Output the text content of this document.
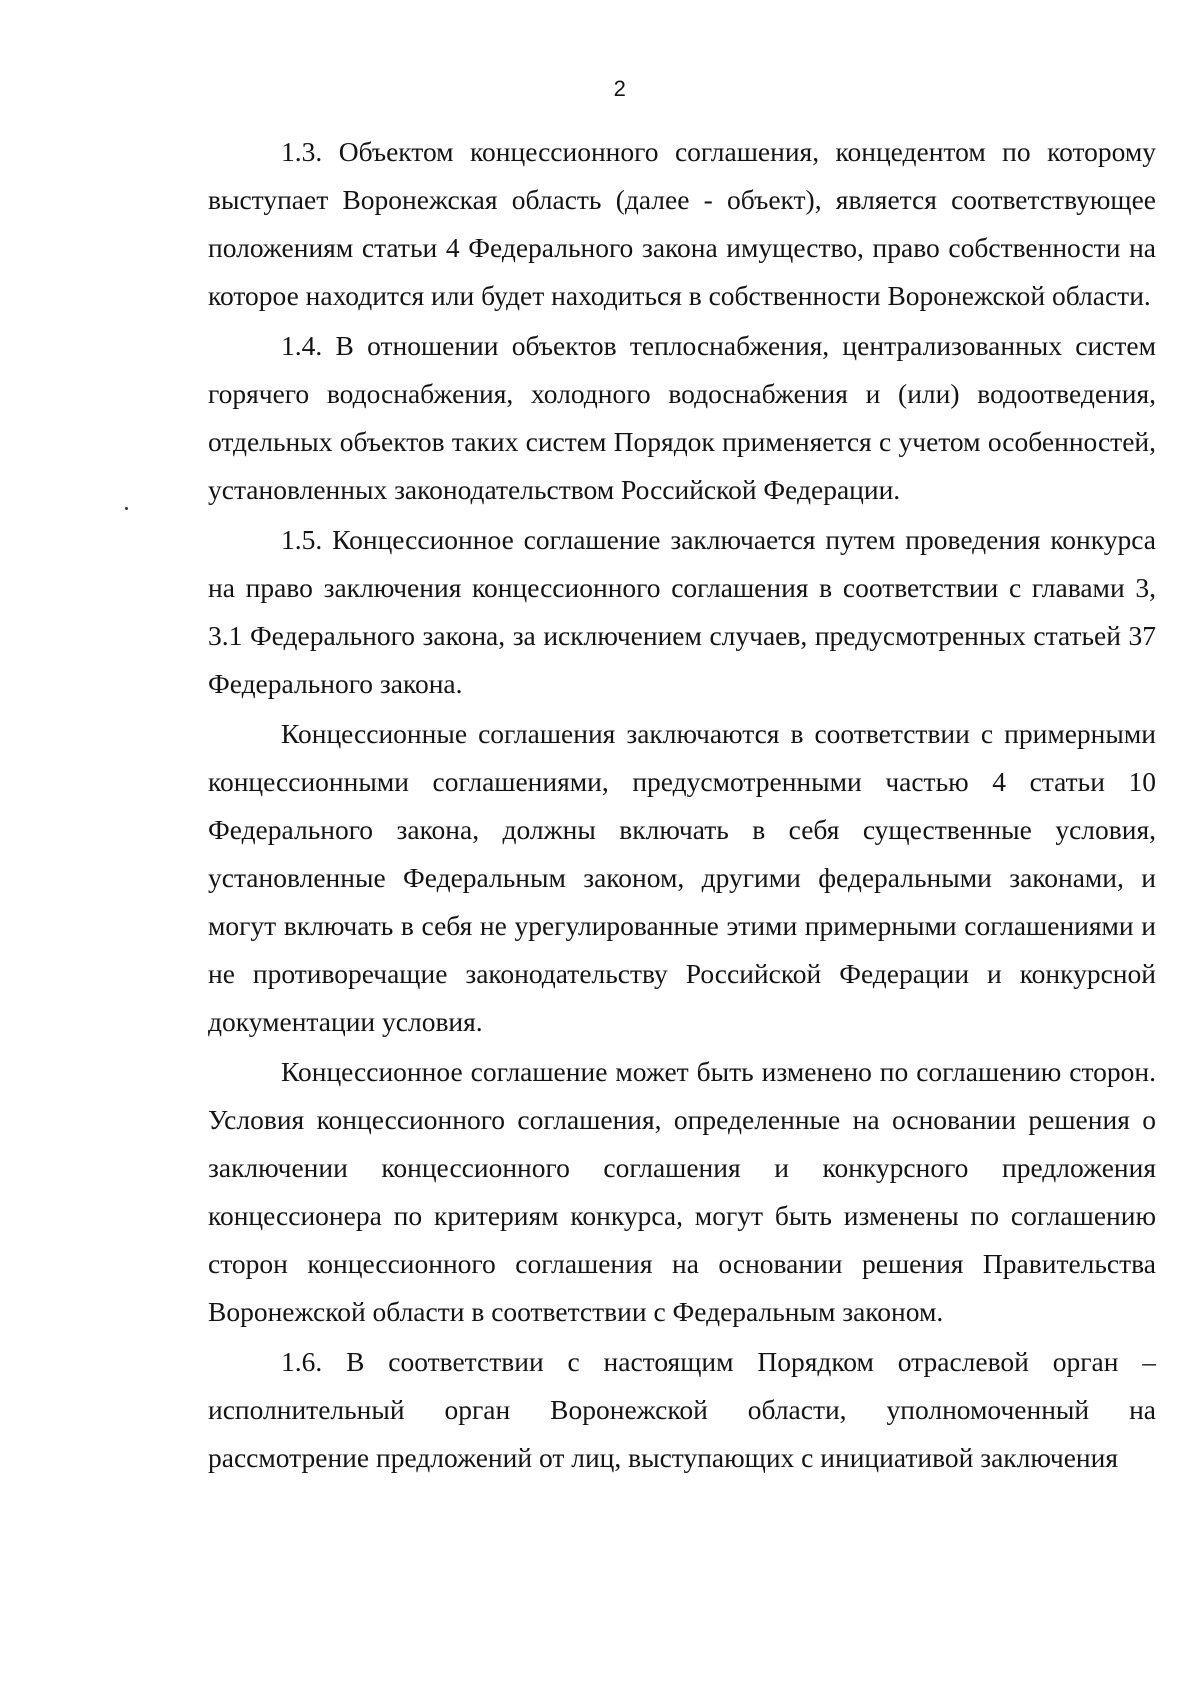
2

1.3. Объектом концессионного соглашения, концедентом по которому выступает Воронежская область (далее - объект), является соответствующее положениям статьи 4 Федерального закона имущество, право собственности на которое находится или будет находиться в собственности Воронежской области.

1.4. В отношении объектов теплоснабжения, централизованных систем горячего водоснабжения, холодного водоснабжения и (или) водоотведения, отдельных объектов таких систем Порядок применяется с учетом особенностей, установленных законодательством Российской Федерации.

1.5. Концессионное соглашение заключается путем проведения конкурса на право заключения концессионного соглашения в соответствии с главами 3, 3.1 Федерального закона, за исключением случаев, предусмотренных статьей 37 Федерального закона.

Концессионные соглашения заключаются в соответствии с примерными концессионными соглашениями, предусмотренными частью 4 статьи 10 Федерального закона, должны включать в себя существенные условия, установленные Федеральным законом, другими федеральными законами, и могут включать в себя не урегулированные этими примерными соглашениями и не противоречащие законодательству Российской Федерации и конкурсной документации условия.

Концессионное соглашение может быть изменено по соглашению сторон. Условия концессионного соглашения, определенные на основании решения о заключении концессионного соглашения и конкурсного предложения концессионера по критериям конкурса, могут быть изменены по соглашению сторон концессионного соглашения на основании решения Правительства Воронежской области в соответствии с Федеральным законом.

1.6. В соответствии с настоящим Порядком отраслевой орган – исполнительный орган Воронежской области, уполномоченный на рассмотрение предложений от лиц, выступающих с инициативой заключения
